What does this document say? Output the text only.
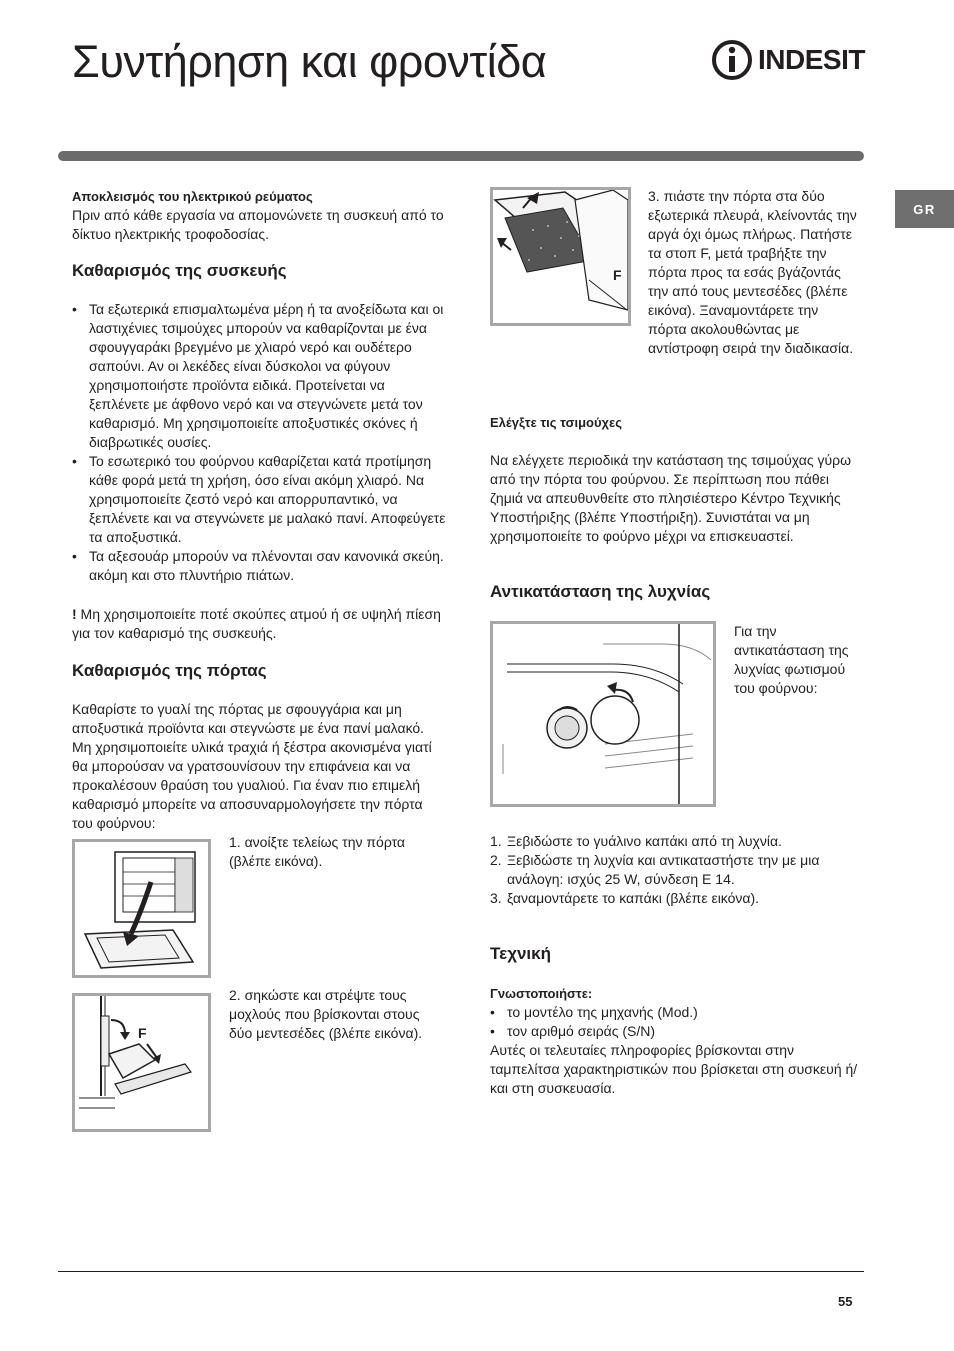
Συντήρηση και φροντίδα	INDESIT
GR

Αποκλεισμός του ηλεκτρικού ρεύματος

Πριν από κάθε εργασία να απομονώνετε τη συσκευή από το δίκτυο ηλεκτρικής τροφοδοσίας.

Καθαρισμός της συσκευής
• Τα εξωτερικά επισμαλτωμένα μέρη ή τα ανοξείδωτα και οι λαστιχένιες τσιμούχες μπορούν να καθαρίζονται με ένα σφουγγαράκι βρεγμένο με χλιαρό νερό και ουδέτερο σαπούνι. Αν οι λεκέδες είναι δύσκολοι να φύγουν χρησιμοποιήστε προϊόντα ειδικά. Προτείνεται να ξεπλένετε με άφθονο νερό και να στεγνώνετε μετά τον καθαρισμό. Μη χρησιμοποιείτε αποξυστικές σκόνες ή διαβρωτικές ουσίες.
• Το εσωτερικό του φούρνου καθαρίζεται κατά προτίμηση κάθε φορά μετά τη χρήση, όσο είναι ακόμη χλιαρό. Να χρησιμοποιείτε ζεστό νερό και απορρυπαντικό, να ξεπλένετε και να στεγνώνετε με μαλακό πανί. Αποφεύγετε τα αποξυστικά.
• Τα αξεσουάρ μπορούν να πλένονται σαν κανονικά σκεύη. ακόμη και στο πλυντήριο πιάτων.

! Μη χρησιμοποιείτε ποτέ σκούπες ατμού ή σε υψηλή πίεση για τον καθαρισμό της συσκευής.

Καθαρισμός της πόρτας

Καθαρίστε το γυαλί της πόρτας με σφουγγάρια και μη αποξυστικά προϊόντα και στεγνώστε με ένα πανί μαλακό. Μη χρησιμοποιείτε υλικά τραχιά ή ξέστρα ακονισμένα γιατί θα μπορούσαν να γρατσουνίσουν την επιφάνεια και να προκαλέσουν θραύση του γυαλιού. Για έναν πιο επιμελή καθαρισμό μπορείτε να αποσυναρμολογήσετε την πόρτα του φούρνου:

1. ανοίξτε τελείως την πόρτα (βλέπε εικόνα).

F

2. σηκώστε και στρέψτε τους μοχλούς που βρίσκονται στους δύο μεντεσέδες (βλέπε εικόνα).

F

3. πιάστε την πόρτα στα δύο εξωτερικά πλευρά, κλείνοντάς την αργά όχι όμως πλήρως. Πατήστε τα στοπ F, μετά τραβήξτε την πόρτα προς τα εσάς βγάζοντάς την από τους μεντεσέδες (βλέπε εικόνα). Ξαναμοντάρετε την πόρτα ακολουθώντας με αντίστροφη σειρά την διαδικασία.

Ελέγξτε τις τσιμούχες

Να ελέγχετε περιοδικά την κατάσταση της τσιμούχας γύρω από την πόρτα του φούρνου. Σε περίπτωση που πάθει ζημιά να απευθυνθείτε στο πλησιέστερο Κέντρο Τεχνικής Υποστήριξης (βλέπε Υποστήριξη). Συνιστάται να μη χρησιμοποιείτε το φούρνο μέχρι να επισκευαστεί.

Αντικατάσταση της λυχνίας

Για την αντικατάσταση της λυχνίας φωτισμού του φούρνου:

1. Ξεβιδώστε το γυάλινο καπάκι από τη λυχνία.
2. Ξεβιδώστε τη λυχνία και αντικαταστήστε την με μια ανάλογη: ισχύς 25 W, σύνδεση E 14.
3. ξαναμοντάρετε το καπάκι (βλέπε εικόνα).
Τεχνική

Γνωστοποιήστε:

• το μοντέλο της μηχανής (Mod.)
• τον αριθμό σειράς (S/N)

Αυτές οι τελευταίες πληροφορίες βρίσκονται στην ταμπελίτσα χαρακτηριστικών που βρίσκεται στη συσκευή ή/και στη συσκευασία.

55
